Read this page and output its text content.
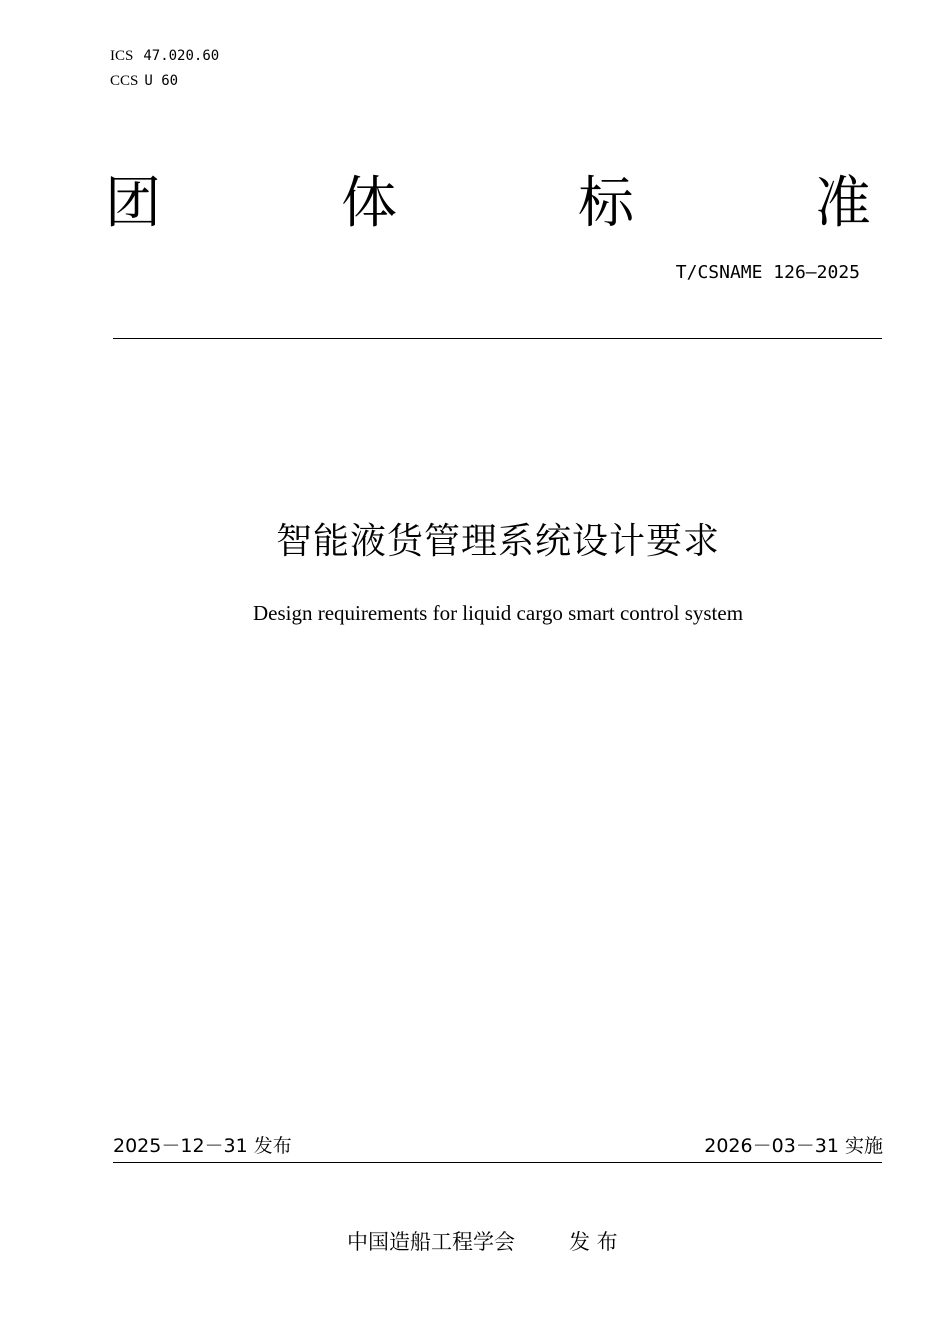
ICS 47.020.60
CCS U 60
团	体	标	准
T/CSNAME 126—2025
智能液货管理系统设计要求
Design requirements for liquid cargo smart control system
2025－12－31 发布	2026－03－31 实施
中国造船工程学会	发 布
